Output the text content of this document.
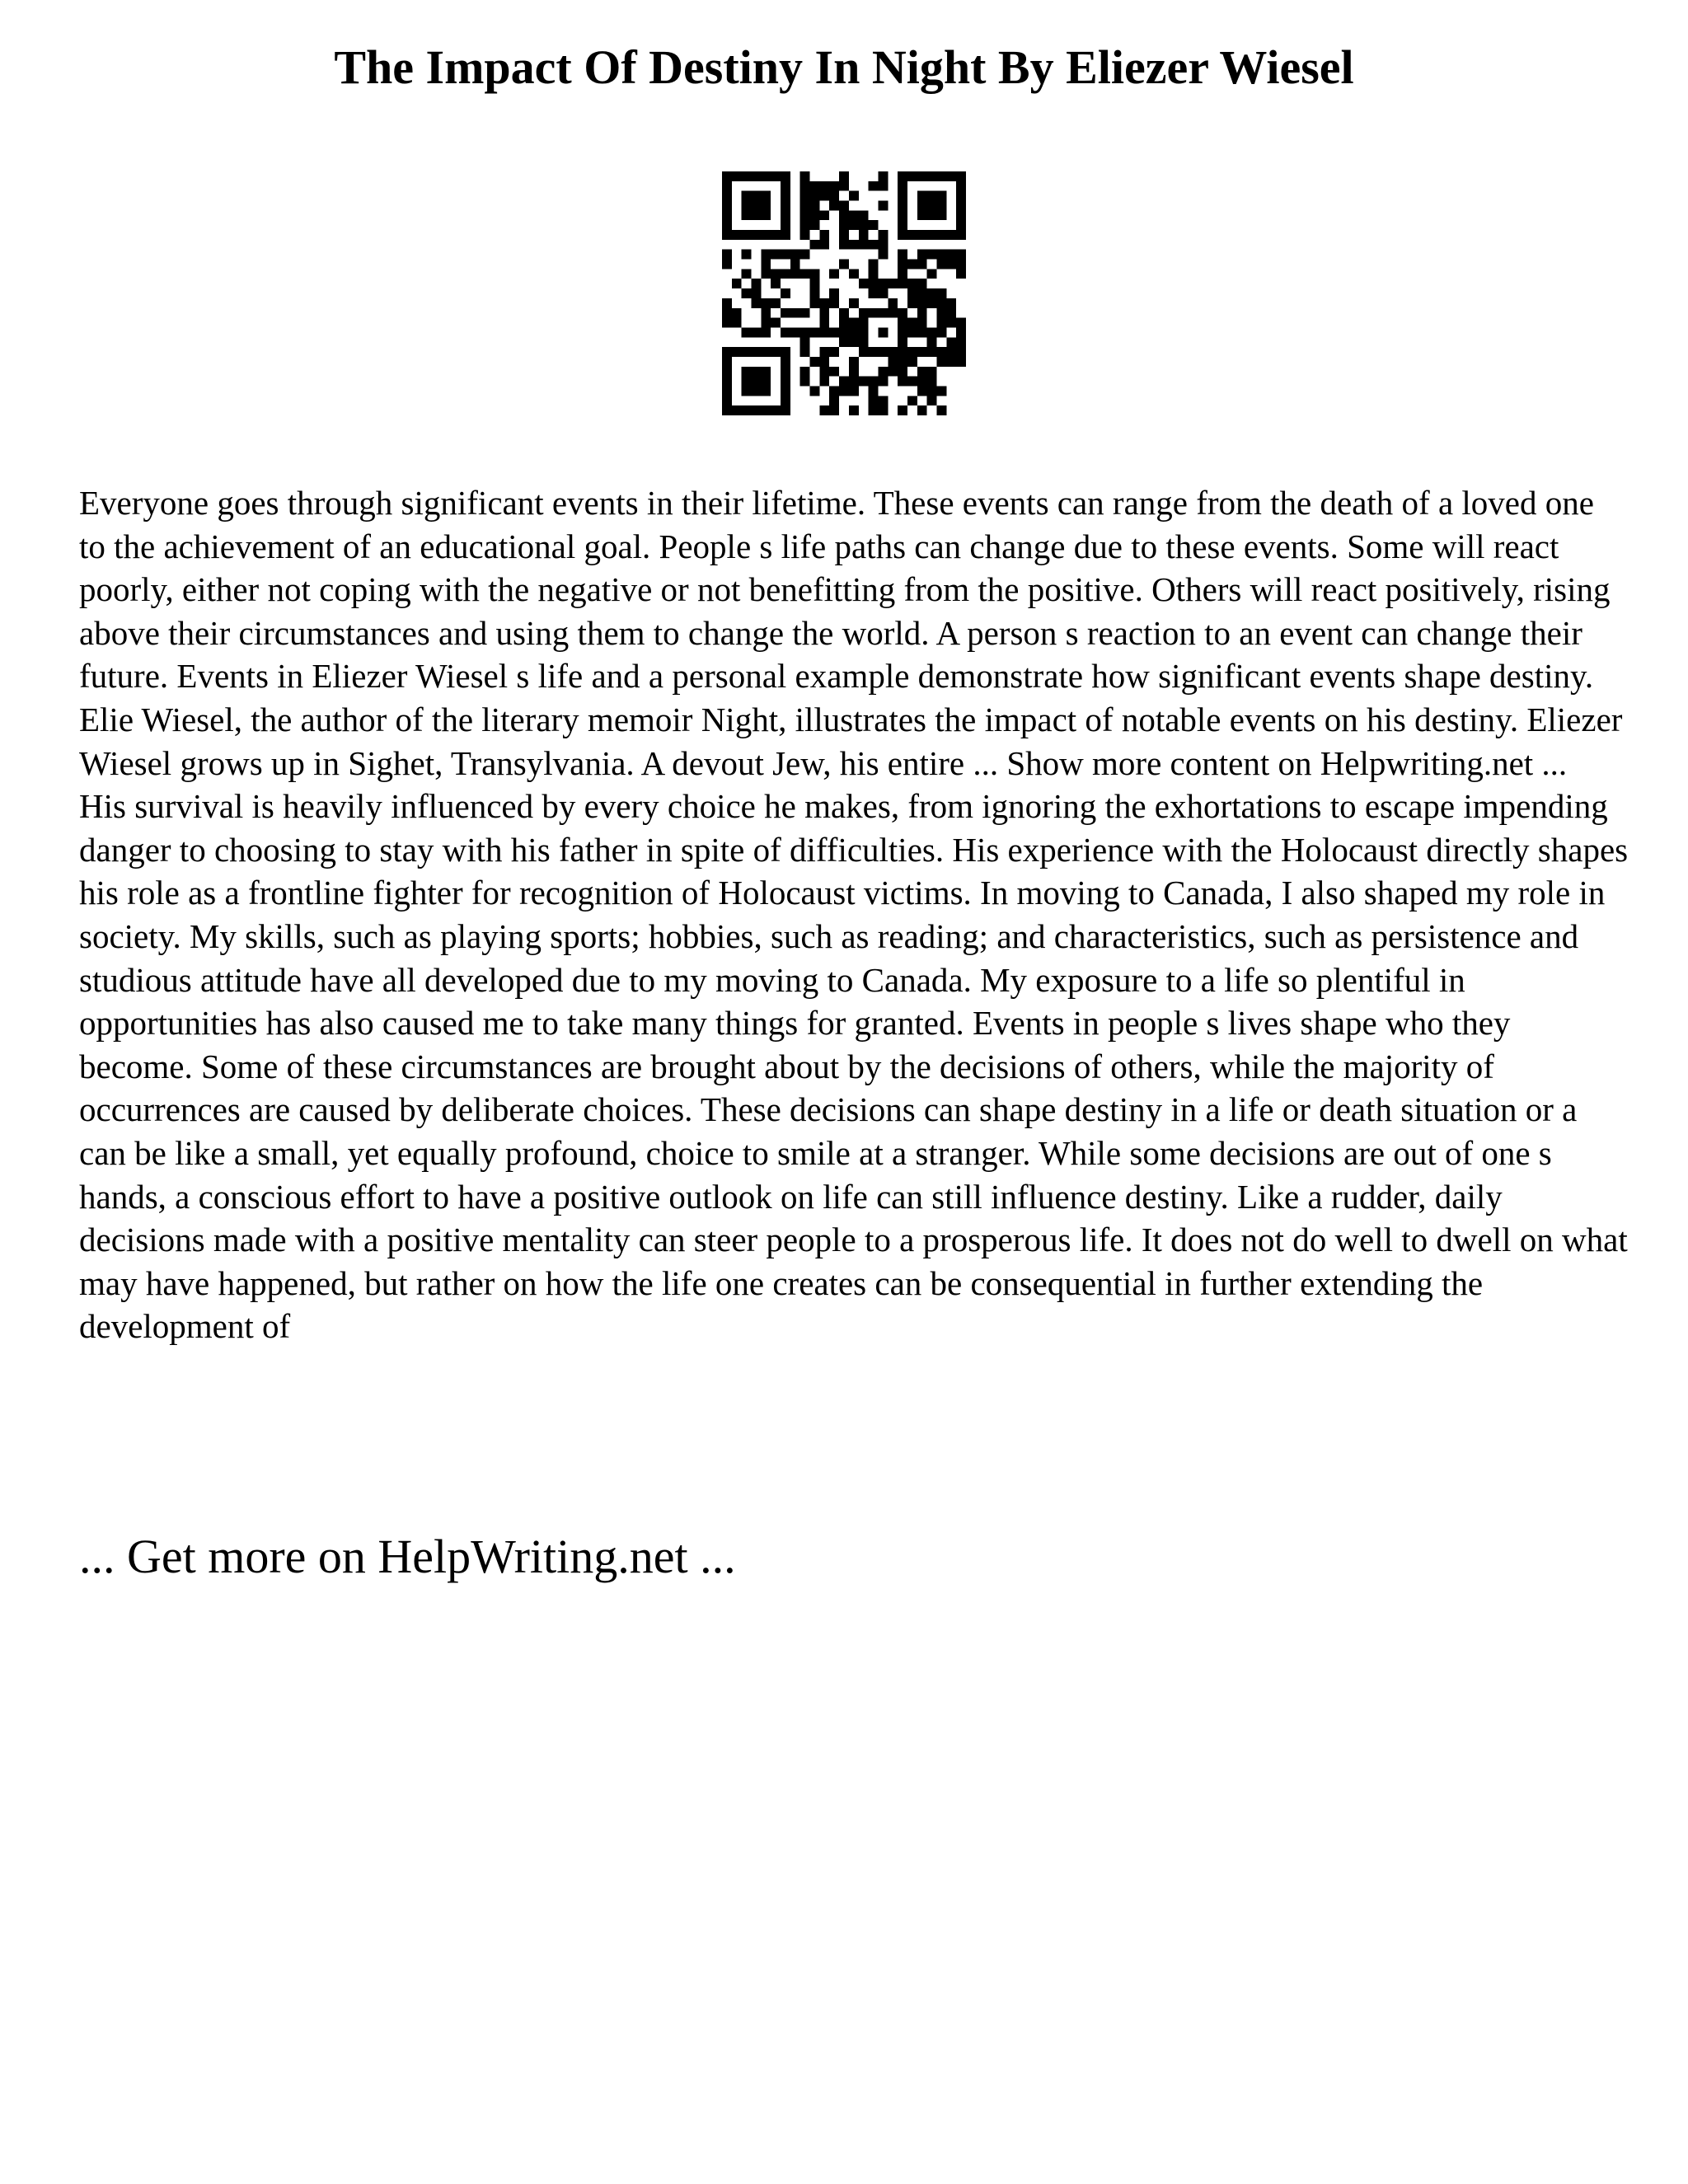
The Impact Of Destiny In Night By Eliezer Wiesel

Everyone goes through significant events in their lifetime. These events can range from the death of a loved one to the achievement of an educational goal. People s life paths can change due to these events. Some will react poorly, either not coping with the negative or not benefitting from the positive. Others will react positively, rising above their circumstances and using them to change the world. A person s reaction to an event can change their future. Events in Eliezer Wiesel s life and a personal example demonstrate how significant events shape destiny.

Elie Wiesel, the author of the literary memoir Night, illustrates the impact of notable events on his destiny. Eliezer Wiesel grows up in Sighet, Transylvania. A devout Jew, his entire ... Show more content on Helpwriting.net ...

His survival is heavily influenced by every choice he makes, from ignoring the exhortations to escape impending danger to choosing to stay with his father in spite of difficulties. His experience with the Holocaust directly shapes his role as a frontline fighter for recognition of Holocaust victims. In moving to Canada, I also shaped my role in society. My skills, such as playing sports; hobbies, such as reading; and characteristics, such as persistence and studious attitude have all developed due to my moving to Canada. My exposure to a life so plentiful in opportunities has also caused me to take many things for granted. Events in people s lives shape who they become. Some of these circumstances are brought about by the decisions of others, while the majority of occurrences are caused by deliberate choices. These decisions can shape destiny in a life or death situation or a can be like a small, yet equally profound, choice to smile at a stranger. While some decisions are out of one s hands, a conscious effort to have a positive outlook on life can still influence destiny. Like a rudder, daily decisions made with a positive mentality can steer people to a prosperous life. It does not do well to dwell on what may have happened, but rather on how the life one creates can be consequential in further extending the development of

... Get more on HelpWriting.net ...
